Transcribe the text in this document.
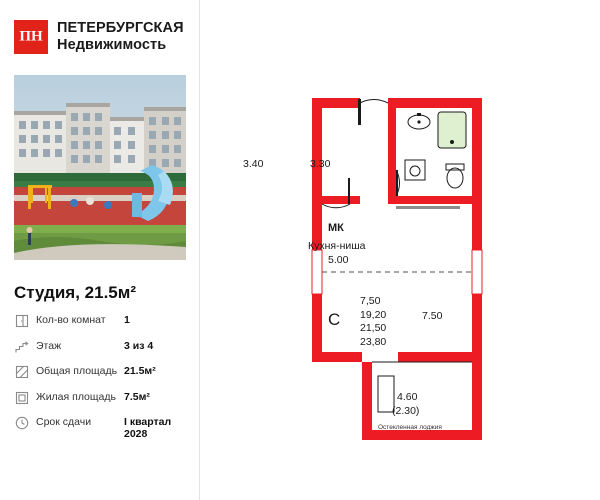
ПН
ПЕТЕРБУРГСКАЯ
Недвижимость
Студия, 21.5м²
Кол-во комнат	1
Этаж	3 из 4
Общая площадь 21.5м²
Жилая площадь 7.5м²
Срок сдачи	I квартал 2028
3.40	3.30
МК
Кухня-ниша
5.00
С
7,50
19,20
21,50
23,80
7.50
4.60
(2.30)
Остекленная лоджия
